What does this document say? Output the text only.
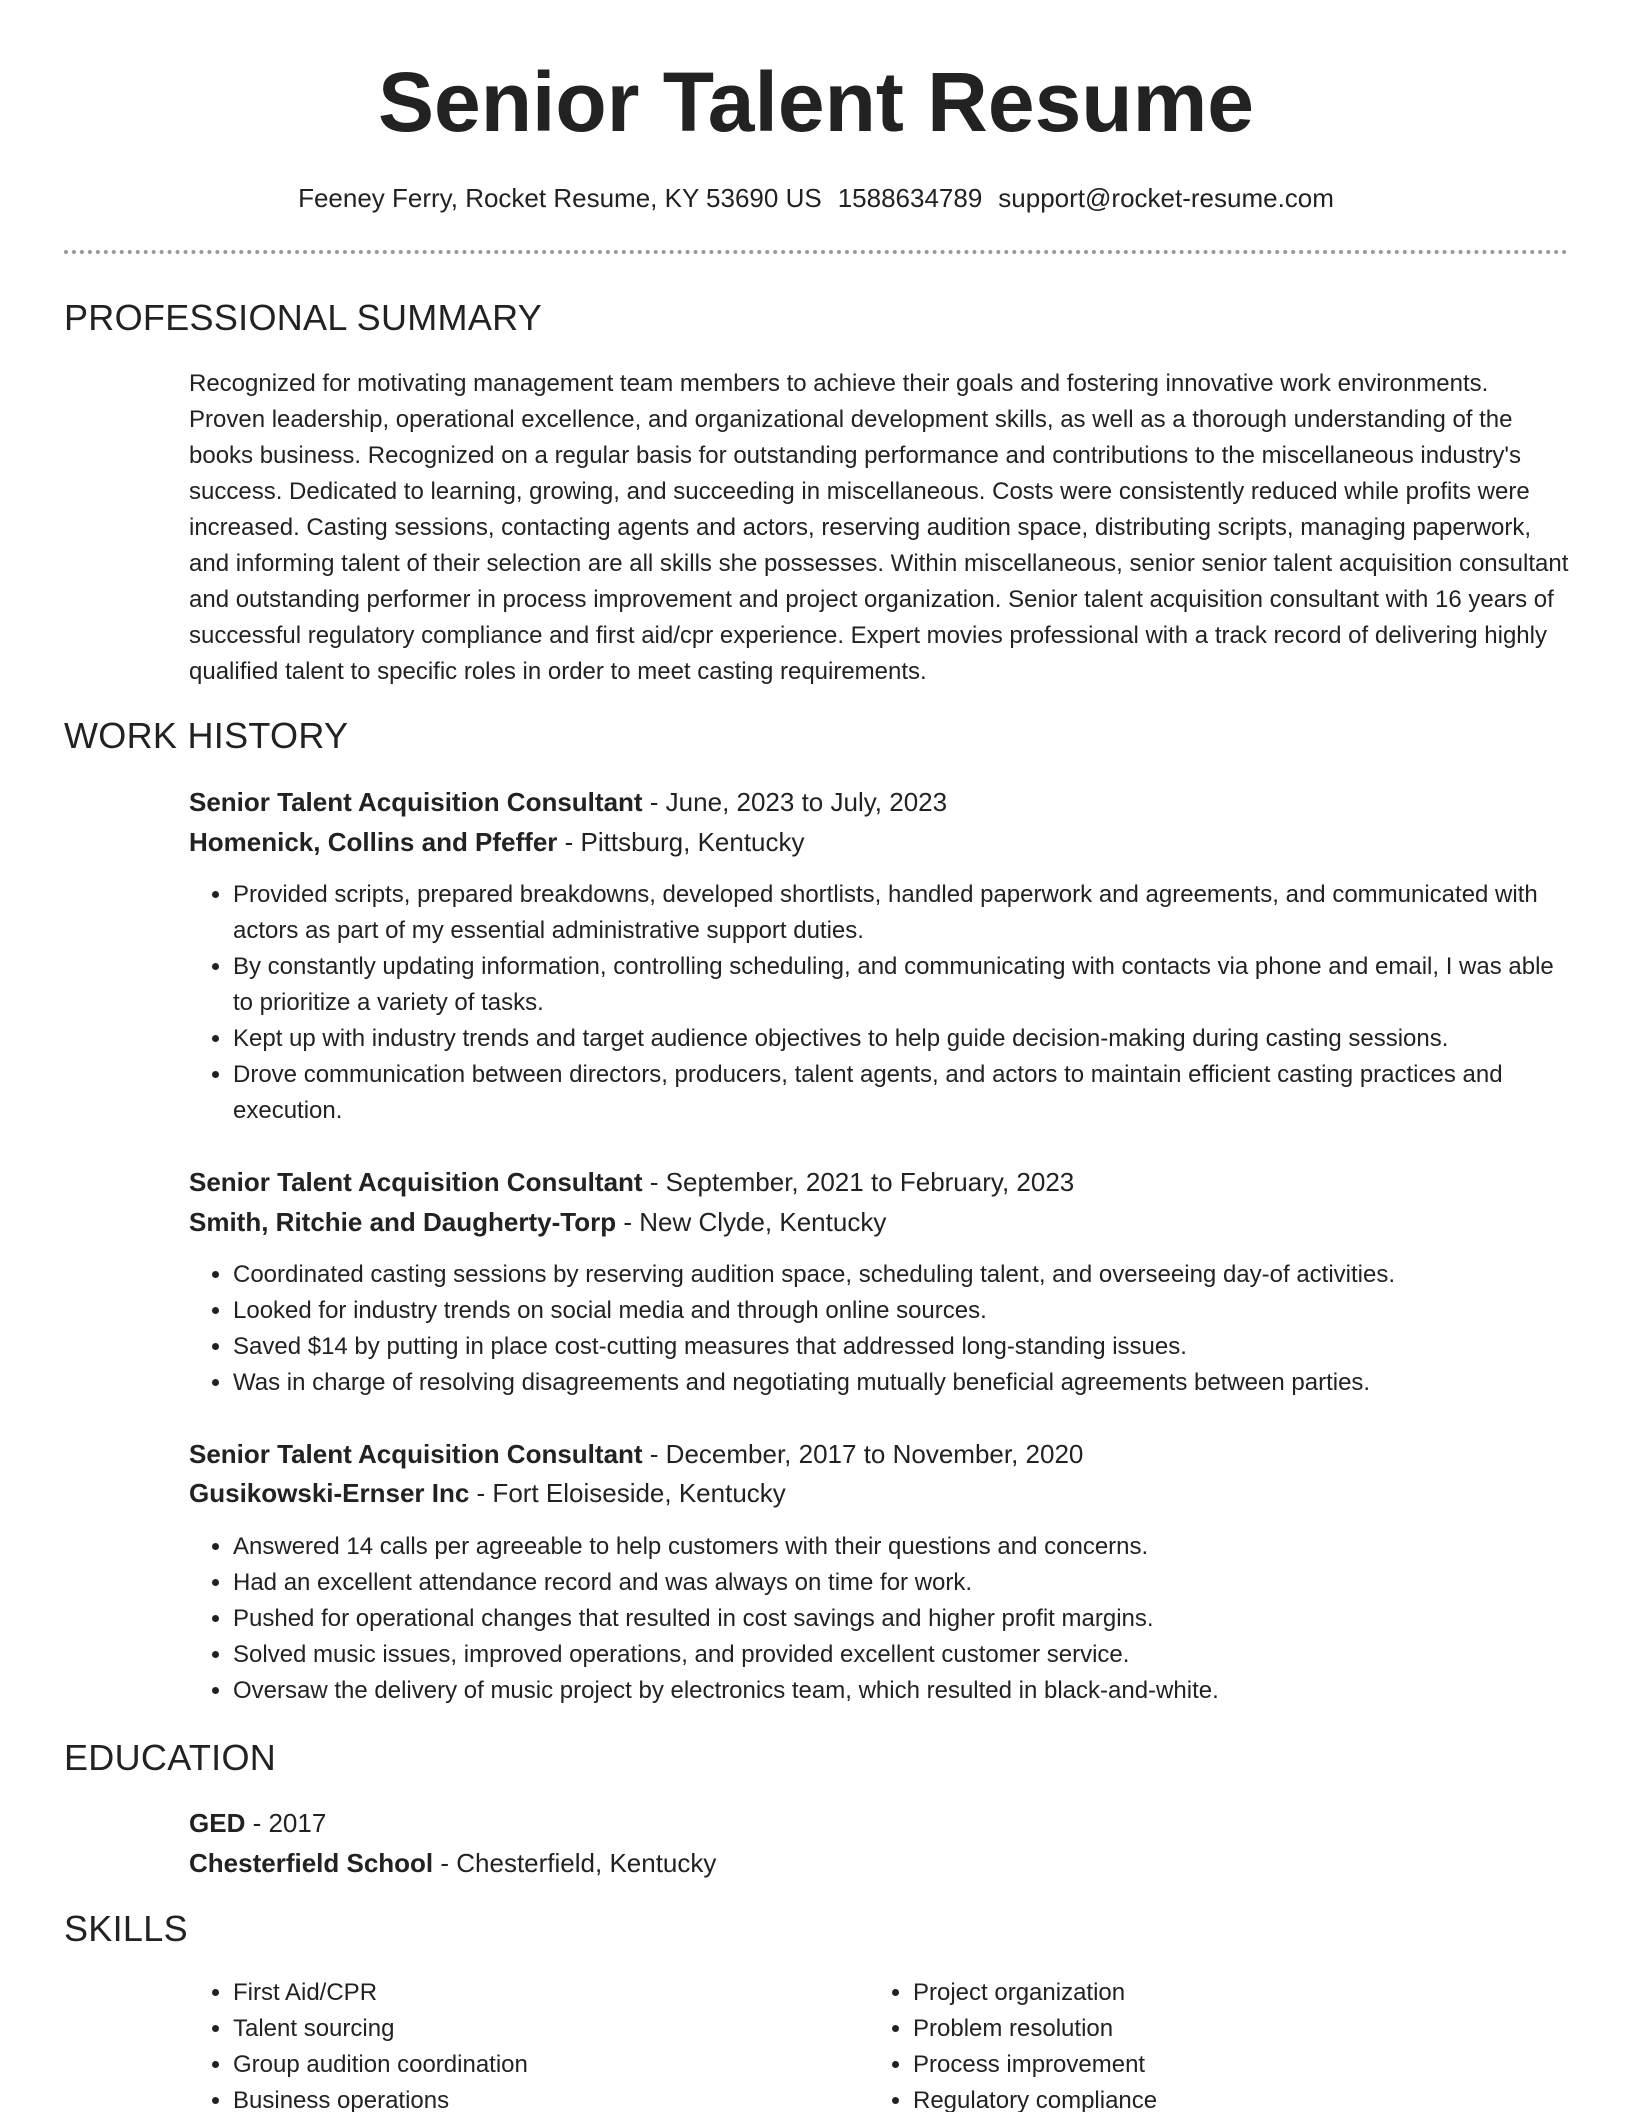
Senior Talent Resume
Feeney Ferry, Rocket Resume, KY 53690 US 1588634789 support@rocket-resume.com
PROFESSIONAL SUMMARY

Recognized for motivating management team members to achieve their goals and fostering innovative work environments. Proven leadership, operational excellence, and organizational development skills, as well as a thorough understanding of the books business. Recognized on a regular basis for outstanding performance and contributions to the miscellaneous industry's success. Dedicated to learning, growing, and succeeding in miscellaneous. Costs were consistently reduced while profits were increased. Casting sessions, contacting agents and actors, reserving audition space, distributing scripts, managing paperwork, and informing talent of their selection are all skills she possesses. Within miscellaneous, senior senior talent acquisition consultant and outstanding performer in process improvement and project organization. Senior talent acquisition consultant with 16 years of successful regulatory compliance and first aid/cpr experience. Expert movies professional with a track record of delivering highly qualified talent to specific roles in order to meet casting requirements.

WORK HISTORY
Senior Talent Acquisition Consultant - June, 2023 to July, 2023
Homenick, Collins and Pfeffer - Pittsburg, Kentucky
• Provided scripts, prepared breakdowns, developed shortlists, handled paperwork and agreements, and communicated with actors as part of my essential administrative support duties.
• By constantly updating information, controlling scheduling, and communicating with contacts via phone and email, I was able to prioritize a variety of tasks.
• Kept up with industry trends and target audience objectives to help guide decision-making during casting sessions.
• Drove communication between directors, producers, talent agents, and actors to maintain efficient casting practices and execution.
Senior Talent Acquisition Consultant - September, 2021 to February, 2023
Smith, Ritchie and Daugherty-Torp - New Clyde, Kentucky
• Coordinated casting sessions by reserving audition space, scheduling talent, and overseeing day-of activities.
• Looked for industry trends on social media and through online sources.
• Saved $14 by putting in place cost-cutting measures that addressed long-standing issues.
• Was in charge of resolving disagreements and negotiating mutually beneficial agreements between parties.
Senior Talent Acquisition Consultant - December, 2017 to November, 2020
Gusikowski-Ernser Inc - Fort Eloiseside, Kentucky
• Answered 14 calls per agreeable to help customers with their questions and concerns.
• Had an excellent attendance record and was always on time for work.
• Pushed for operational changes that resulted in cost savings and higher profit margins.
• Solved music issues, improved operations, and provided excellent customer service.
• Oversaw the delivery of music project by electronics team, which resulted in black-and-white.
EDUCATION
GED - 2017
Chesterfield School - Chesterfield, Kentucky
SKILLS
• First Aid/CPR
• Talent sourcing
• Group audition coordination
• Business operations
• Project organization
• Problem resolution
• Process improvement
• Regulatory compliance
